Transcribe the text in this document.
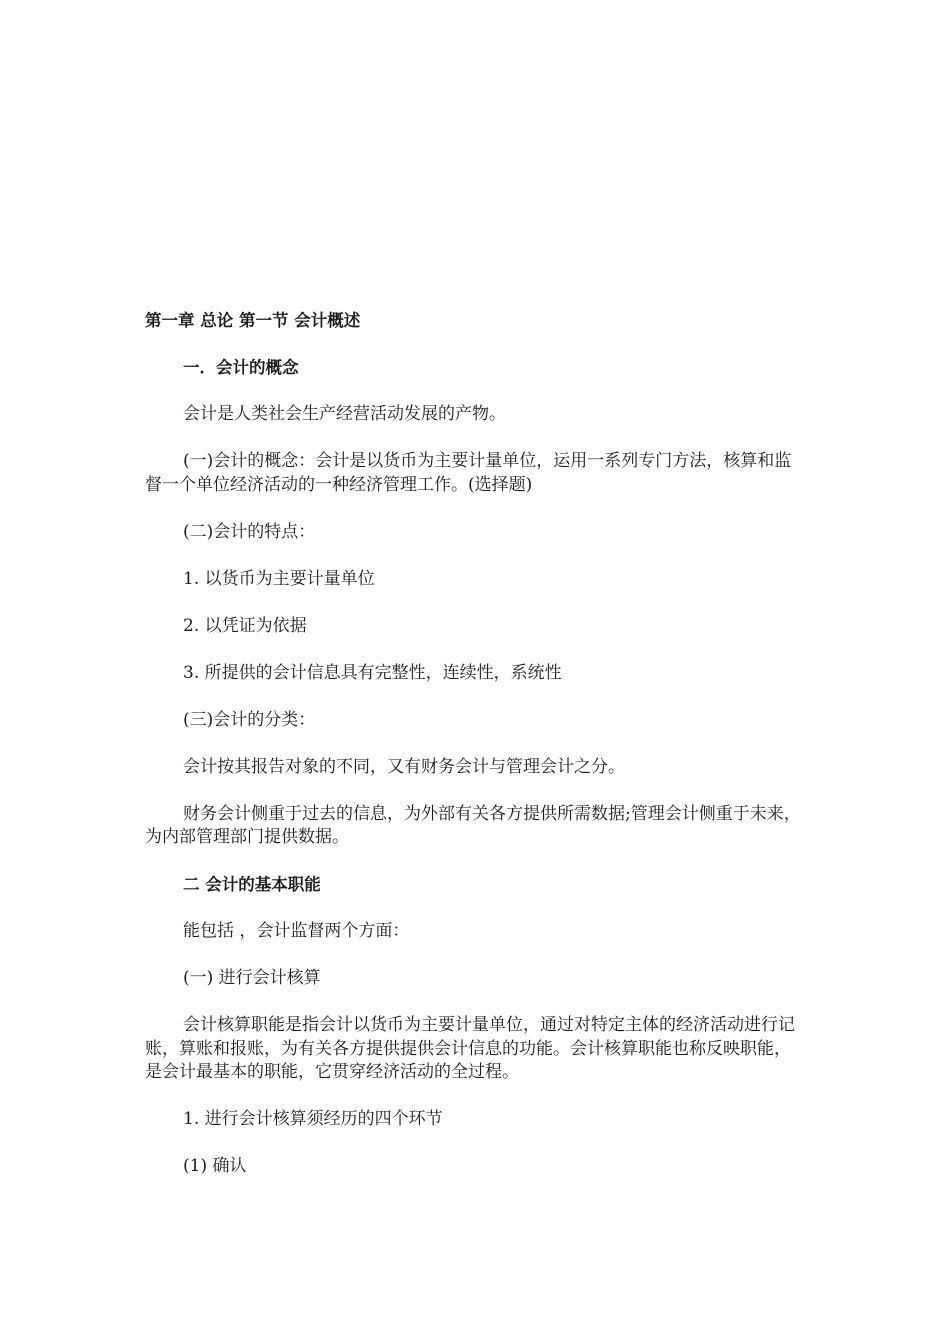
第一章 总论 第一节 会计概述

一．会计的概念

会计是人类社会生产经营活动发展的产物。

(一)会计的概念：会计是以货币为主要计量单位，运用一系列专门方法，核算和监督一个单位经济活动的一种经济管理工作。(选择题)

(二)会计的特点：

1. 以货币为主要计量单位

2. 以凭证为依据

3. 所提供的会计信息具有完整性，连续性，系统性

(三)会计的分类：

会计按其报告对象的不同，又有财务会计与管理会计之分。

财务会计侧重于过去的信息，为外部有关各方提供所需数据;管理会计侧重于未来，为内部管理部门提供数据。

二 会计的基本职能

能包括 ，会计监督两个方面：

(一) 进行会计核算

会计核算职能是指会计以货币为主要计量单位，通过对特定主体的经济活动进行记账，算账和报账，为有关各方提供提供会计信息的功能。会计核算职能也称反映职能，是会计最基本的职能，它贯穿经济活动的全过程。

1. 进行会计核算须经历的四个环节

(1) 确认
